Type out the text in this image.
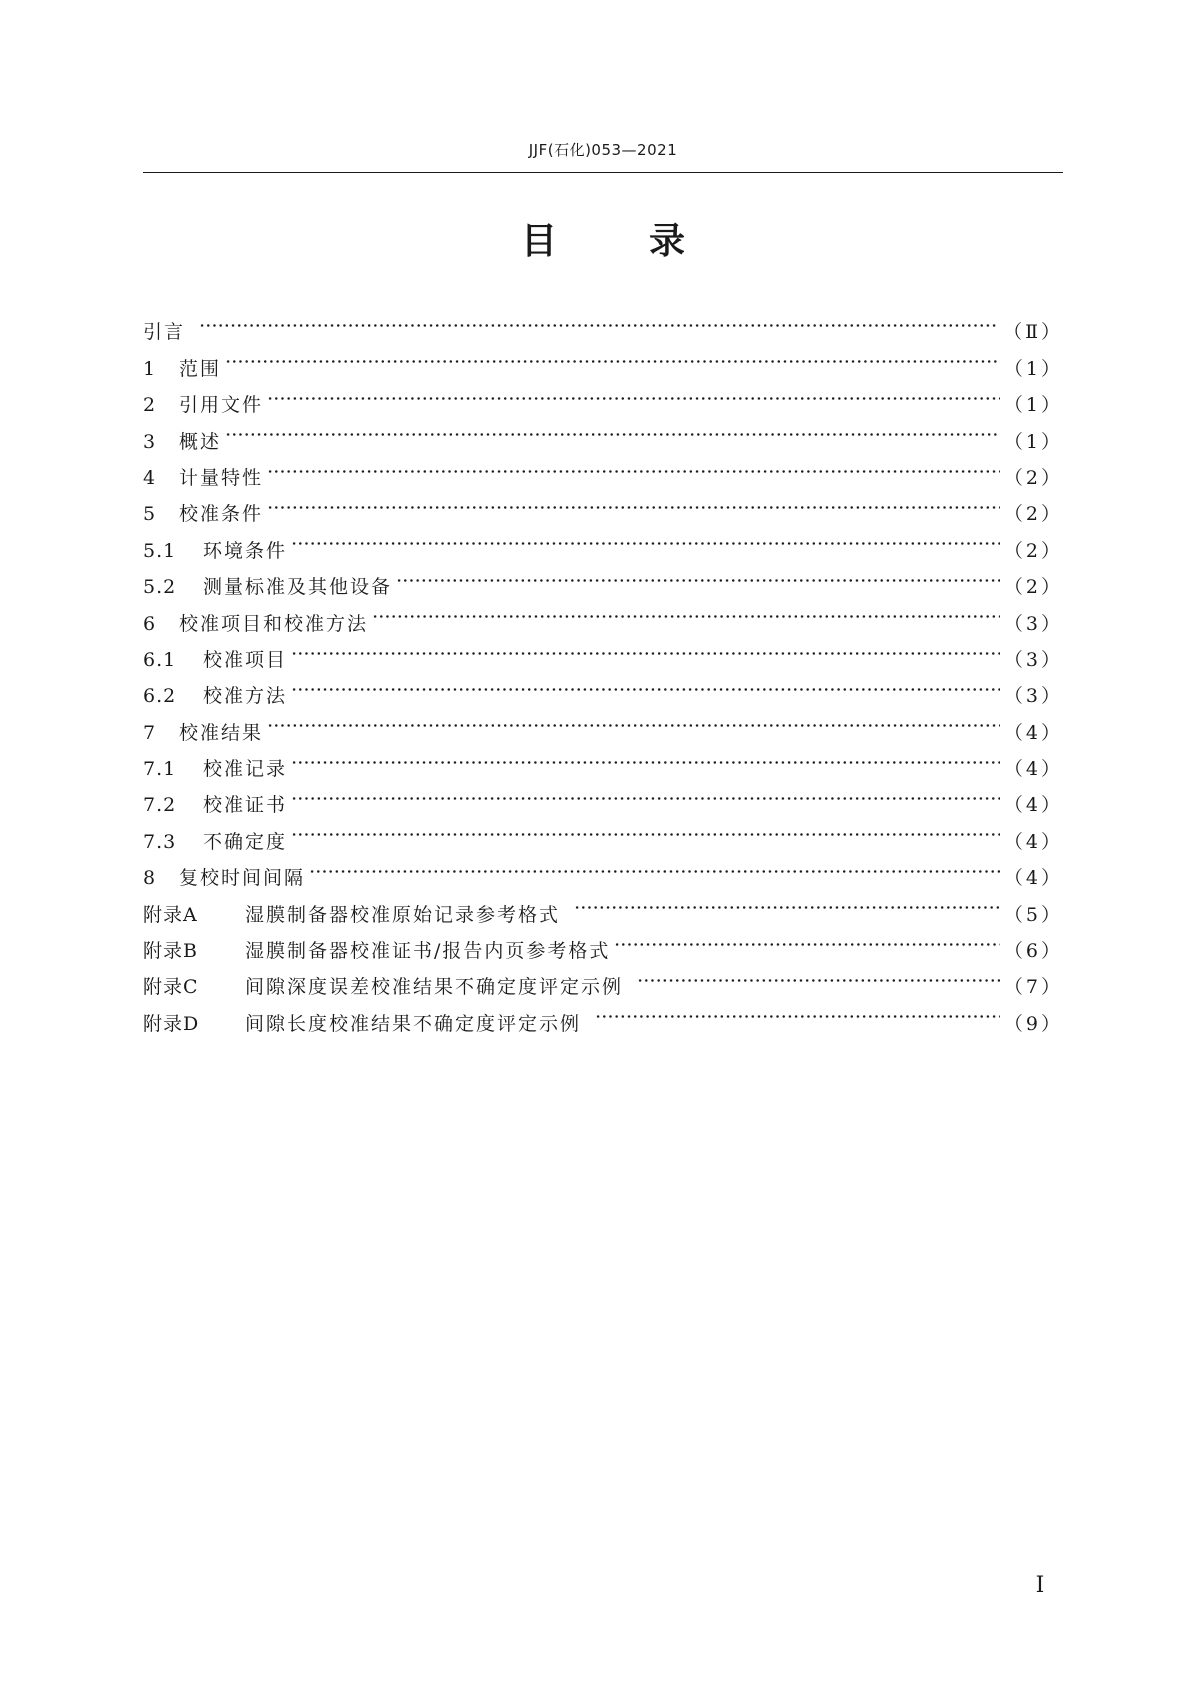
JJF(石化)053—2021
目	录
引言	（Ⅱ）
1	范围	（1）
2	引用文件	（1）
3	概述	（1）
4	计量特性	（2）
5	校准条件	（2）
5.1	环境条件	（2）
5.2	测量标准及其他设备	（2）
6	校准项目和校准方法	（3）
6.1	校准项目	（3）
6.2	校准方法	（3）
7	校准结果	（4）
7.1	校准记录	（4）
7.2	校准证书	（4）
7.3	不确定度	（4）
8	复校时间间隔	（4）
附录A	湿膜制备器校准原始记录参考格式	（5）
附录B	湿膜制备器校准证书/报告内页参考格式	（6）
附录C	间隙深度误差校准结果不确定度评定示例	（7）
附录D	间隙长度校准结果不确定度评定示例	（9）
Ⅰ
